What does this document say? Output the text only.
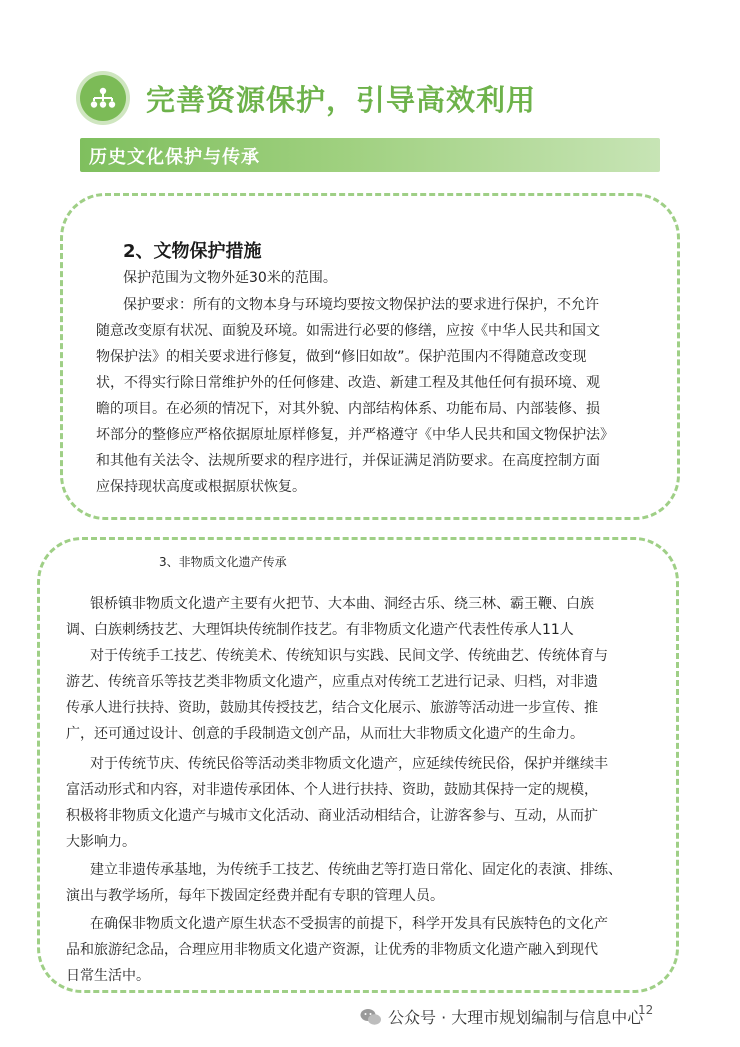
完善资源保护，引导高效利用
历史文化保护与传承
2、文物保护措施
保护范围为文物外延30米的范围。
保护要求：所有的文物本身与环境均要按文物保护法的要求进行保护，不允许
随意改变原有状况、面貌及环境。如需进行必要的修缮，应按《中华人民共和国文
物保护法》的相关要求进行修复，做到“修旧如故”。保护范围内不得随意改变现
状，不得实行除日常维护外的任何修建、改造、新建工程及其他任何有损环境、观
瞻的项目。在必须的情况下，对其外貌、内部结构体系、功能布局、内部装修、损
坏部分的整修应严格依据原址原样修复，并严格遵守《中华人民共和国文物保护法》
和其他有关法令、法规所要求的程序进行，并保证满足消防要求。在高度控制方面
应保持现状高度或根据原状恢复。
3、非物质文化遗产传承
银桥镇非物质文化遗产主要有火把节、大本曲、洞经古乐、绕三林、霸王鞭、白族
调、白族刺绣技艺、大理饵块传统制作技艺。有非物质文化遗产代表性传承人11人
对于传统手工技艺、传统美术、传统知识与实践、民间文学、传统曲艺、传统体育与
游艺、传统音乐等技艺类非物质文化遗产，应重点对传统工艺进行记录、归档，对非遗
传承人进行扶持、资助，鼓励其传授技艺，结合文化展示、旅游等活动进一步宣传、推
广，还可通过设计、创意的手段制造文创产品，从而壮大非物质文化遗产的生命力。
对于传统节庆、传统民俗等活动类非物质文化遗产，应延续传统民俗，保护并继续丰
富活动形式和内容，对非遗传承团体、个人进行扶持、资助，鼓励其保持一定的规模，
积极将非物质文化遗产与城市文化活动、商业活动相结合，让游客参与、互动，从而扩
大影响力。
建立非遗传承基地，为传统手工技艺、传统曲艺等打造日常化、固定化的表演、排练、
演出与教学场所，每年下拨固定经费并配有专职的管理人员。
在确保非物质文化遗产原生状态不受损害的前提下，科学开发具有民族特色的文化产
品和旅游纪念品，合理应用非物质文化遗产资源，让优秀的非物质文化遗产融入到现代
日常生活中。
12
公众号 · 大理市规划编制与信息中心
